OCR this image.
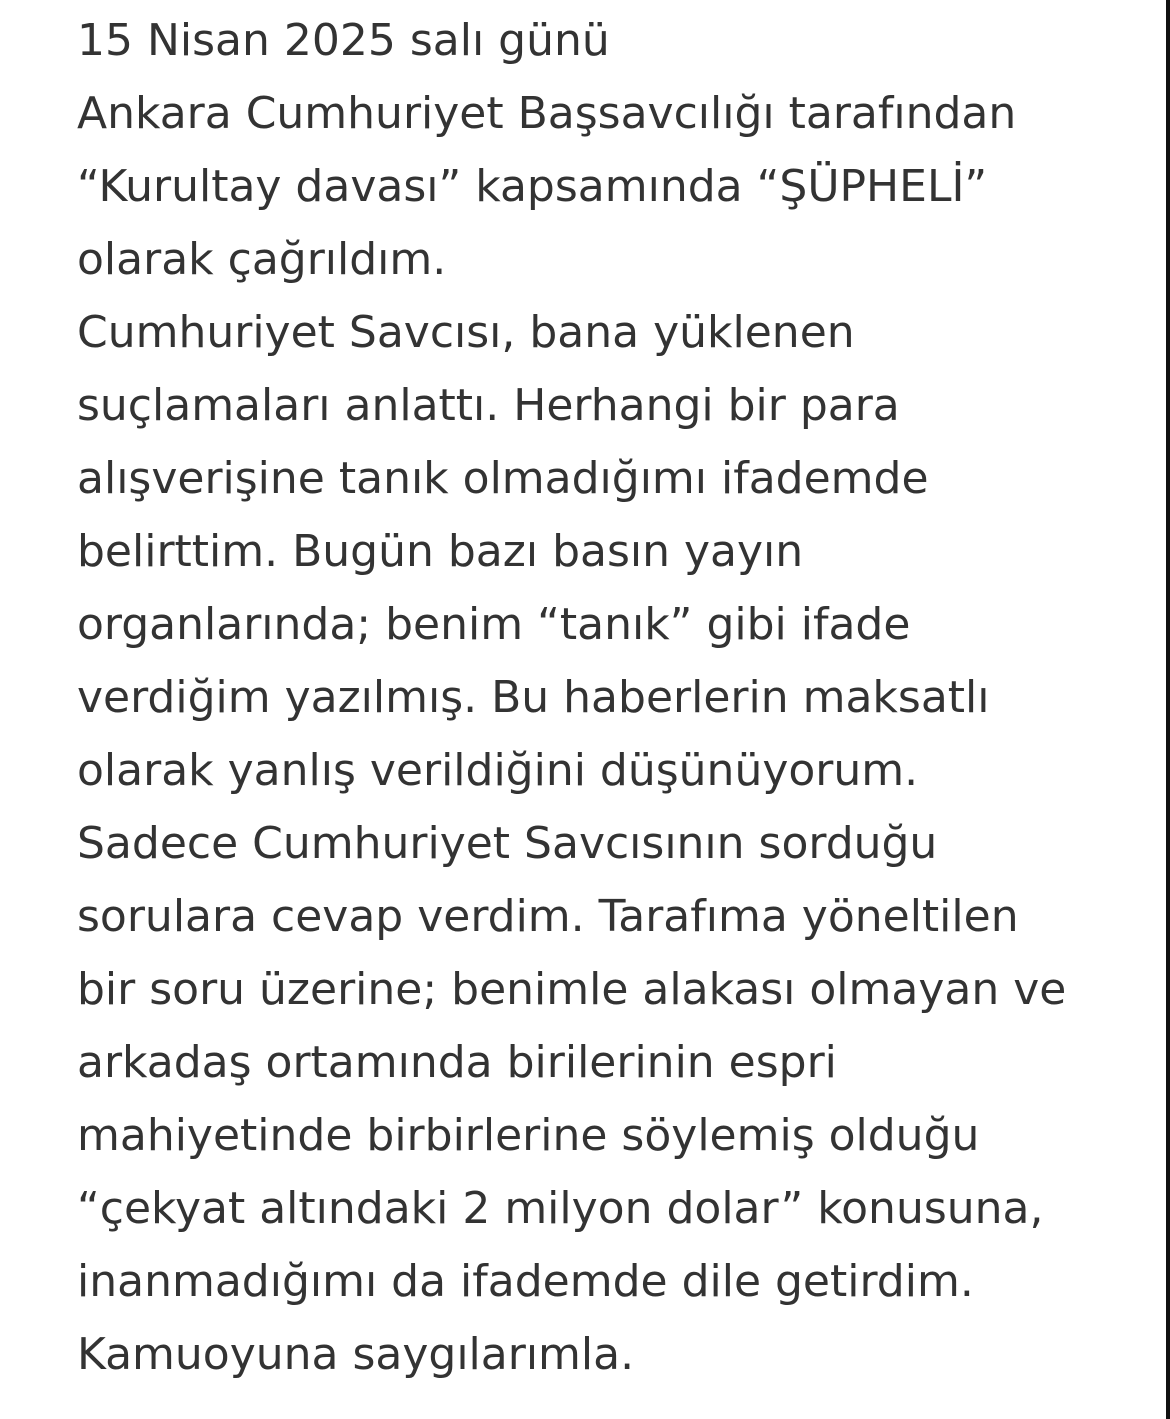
15 Nisan 2025 salı günü
Ankara Cumhuriyet Başsavcılığı tarafından
“Kurultay davası” kapsamında “ŞÜPHELİ”
olarak çağrıldım.
Cumhuriyet Savcısı, bana yüklenen
suçlamaları anlattı. Herhangi bir para
alışverişine tanık olmadığımı ifademde
belirttim. Bugün bazı basın yayın
organlarında; benim “tanık” gibi ifade
verdiğim yazılmış. Bu haberlerin maksatlı
olarak yanlış verildiğini düşünüyorum.
Sadece Cumhuriyet Savcısının sorduğu
sorulara cevap verdim. Tarafıma yöneltilen
bir soru üzerine; benimle alakası olmayan ve
arkadaş ortamında birilerinin espri
mahiyetinde birbirlerine söylemiş olduğu
“çekyat altındaki 2 milyon dolar” konusuna,
inanmadığımı da ifademde dile getirdim.
Kamuoyuna saygılarımla.
